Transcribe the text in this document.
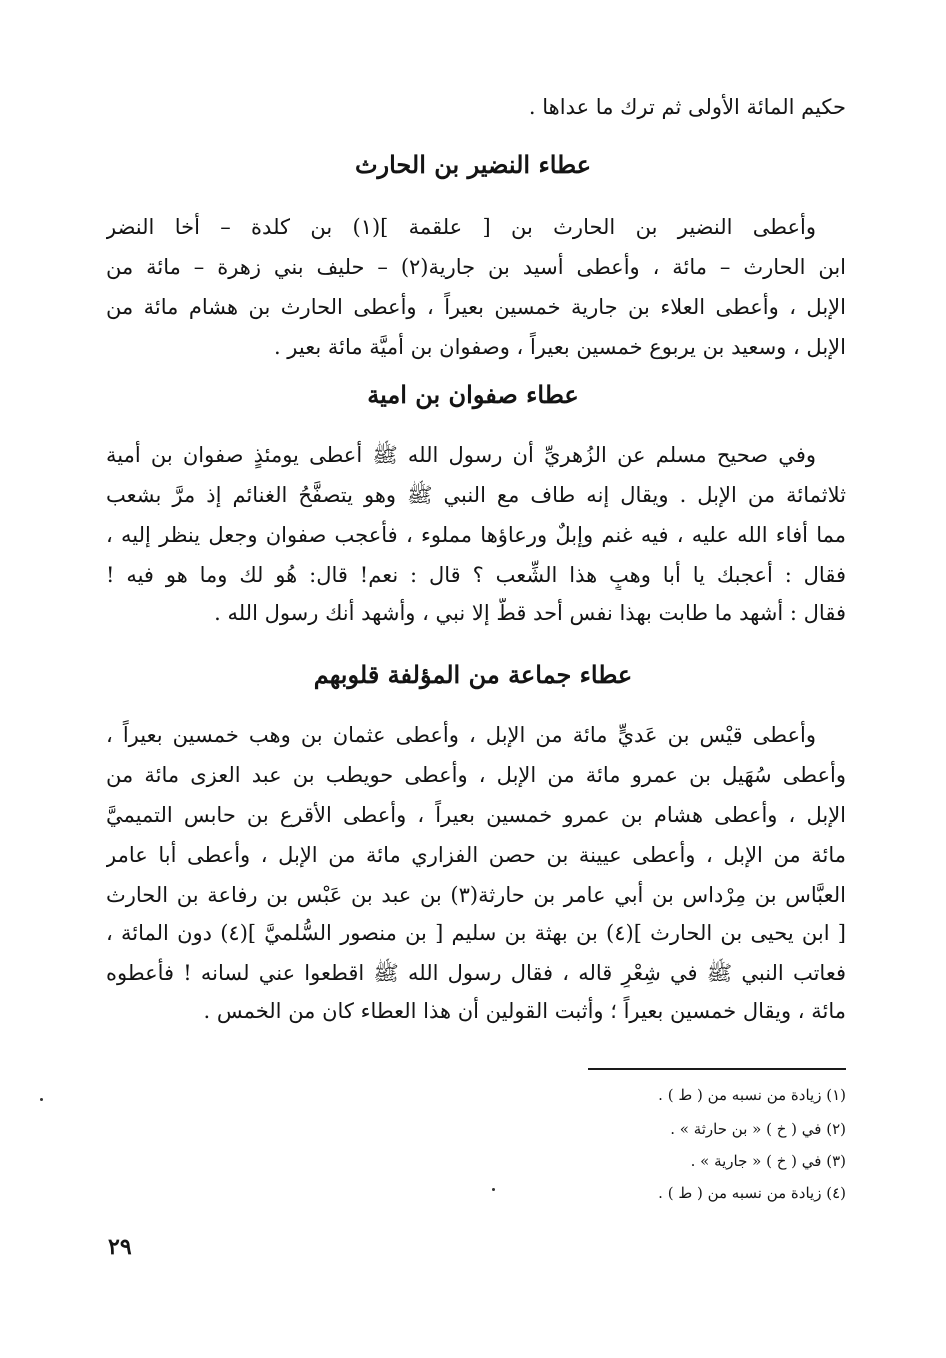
حكيم المائة الأولى ثم ترك ما عداها .
عطاء النضير بن الحارث
وأعطى النضير بن الحارث بن [ علقمة ](١) بن كلدة – أخا النضر
ابن الحارث – مائة ، وأعطى أسيد بن جارية(٢) – حليف بني زهرة – مائة من
الإبل ، وأعطى العلاء بن جارية خمسين بعيراً ، وأعطى الحارث بن هشام مائة من
الإبل ، وسعيد بن يربوع خمسين بعيراً ، وصفوان بن أميَّة مائة بعير .
عطاء صفوان بن امية
وفي صحيح مسلم عن الزُهريِّ أن رسول الله ﷺ أعطى يومئذٍ صفوان بن أمية
ثلاثمائة من الإبل . ويقال إنه طاف مع النبي ﷺ وهو يتصفَّحُ الغنائم إذ مرَّ بشعب
مما أفاء الله عليه ، فيه غنم وإبلٌ ورعاؤها مملوء ، فأعجب صفوان وجعل ينظر إليه ،
فقال : أعجبك يا أبا وهبٍ هذا الشِّعب ؟ قال : نعم! قال: هُو لك وما هو فيه !
فقال : أشهد ما طابت بهذا نفس أحد قطُّ إلا نبي ، وأشهد أنك رسول الله .
عطاء جماعة من المؤلفة قلوبهم
وأعطى قيْس بن عَديٍّ مائة من الإبل ، وأعطى عثمان بن وهب خمسين بعيراً ،
وأعطى سُهَيل بن عمرو مائة من الإبل ، وأعطى حويطب بن عبد العزى مائة من
الإبل ، وأعطى هشام بن عمرو خمسين بعيراً ، وأعطى الأقرع بن حابس التميميَّ
مائة من الإبل ، وأعطى عيينة بن حصن الفزاري مائة من الإبل ، وأعطى أبا عامر
العبَّاس بن مِرْداس بن أبي عامر بن حارثة(٣) بن عبد بن عَبْس بن رفاعة بن الحارث
[ ابن يحيى بن الحارث ](٤) بن بهثة بن سليم [ بن منصور السُّلميَّ ](٤) دون المائة ،
فعاتب النبي ﷺ في شِعْرٍ قاله ، فقال رسول الله ﷺ اقطعوا عني لسانه ! فأعطوه
مائة ، ويقال خمسين بعيراً ؛ وأثبت القولين أن هذا العطاء كان من الخمس .
(١) زيادة من نسبه من ( ط ) .
(٢) في ( خ ) « بن حارثة » .
(٣) في ( خ ) « جارية » .
(٤) زيادة من نسبه من ( ط ) .
٢٩
